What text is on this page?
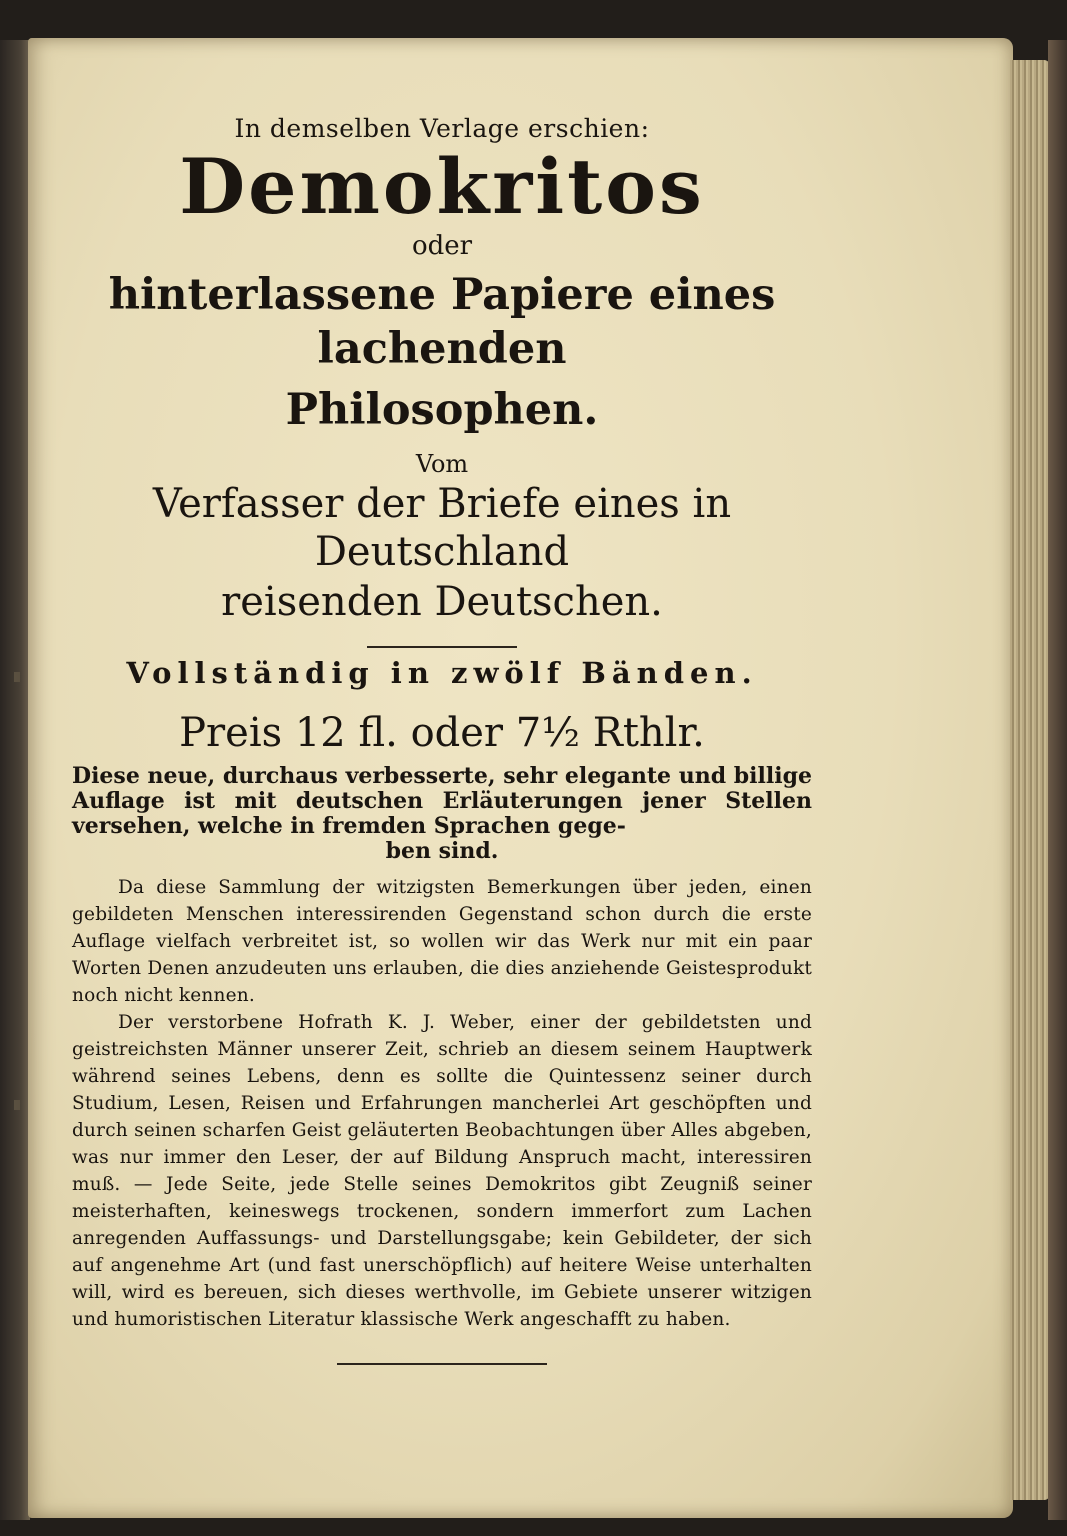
In demselben Verlage erschien:
Demokritos
oder
hinterlassene Papiere eines lachenden
Philosophen.
Vom
Verfasser der Briefe eines in Deutschland
reisenden Deutschen.
Vollständig in zwölf Bänden.
Preis 12 fl. oder 7½ Rthlr.
Diese neue, durchaus verbesserte, sehr elegante und billige Auflage ist mit deutschen Erläuterungen jener Stellen versehen, welche in fremden Sprachen gege-
ben sind.

Da diese Sammlung der witzigsten Bemerkungen über jeden, einen gebildeten Menschen interessirenden Gegenstand schon durch die erste Auflage vielfach verbreitet ist, so wollen wir das Werk nur mit ein paar Worten Denen anzudeuten uns erlauben, die dies anziehende Geistesprodukt noch nicht kennen.

Der verstorbene Hofrath K. J. Weber, einer der gebildetsten und geistreichsten Männer unserer Zeit, schrieb an diesem seinem Hauptwerk während seines Lebens, denn es sollte die Quintessenz seiner durch Studium, Lesen, Reisen und Erfahrungen mancherlei Art geschöpften und durch seinen scharfen Geist geläuterten Beobachtungen über Alles abgeben, was nur immer den Leser, der auf Bildung Anspruch macht, interessiren muß. — Jede Seite, jede Stelle seines Demokritos gibt Zeugniß seiner meisterhaften, keineswegs trockenen, sondern immerfort zum Lachen anregenden Auffassungs- und Darstellungsgabe; kein Gebildeter, der sich auf angenehme Art (und fast unerschöpflich) auf heitere Weise unterhalten will, wird es bereuen, sich dieses werthvolle, im Gebiete unserer witzigen und humoristischen Literatur klassische Werk angeschafft zu haben.
